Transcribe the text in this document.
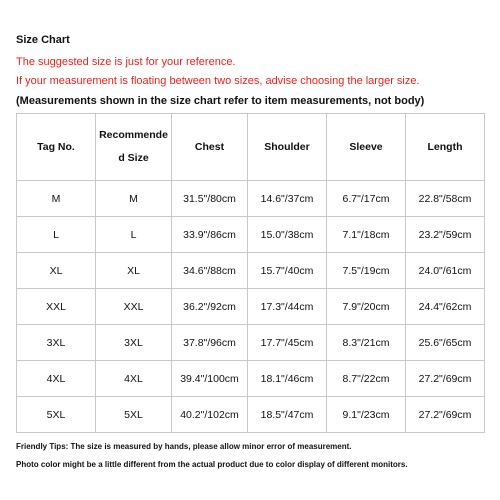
Size Chart
The suggested size is just for your reference.
If your measurement is floating between two sizes, advise choosing the larger size.
(Measurements shown in the size chart refer to item measurements, not body)
Tag No.	Recommended Size	Chest	Shoulder	Sleeve	Length
M	M	31.5"/80cm	14.6"/37cm	6.7"/17cm	22.8"/58cm
L	L	33.9"/86cm	15.0"/38cm	7.1"/18cm	23.2"/59cm
XL	XL	34.6"/88cm	15.7"/40cm	7.5"/19cm	24.0"/61cm
XXL	XXL	36.2"/92cm	17.3"/44cm	7.9"/20cm	24.4"/62cm
3XL	3XL	37.8"/96cm	17.7"/45cm	8.3"/21cm	25.6"/65cm
4XL	4XL	39.4"/100cm	18.1"/46cm	8.7"/22cm	27.2"/69cm
5XL	5XL	40.2"/102cm	18.5"/47cm	9.1"/23cm	27.2"/69cm
Friendly Tips: The size is measured by hands, please allow minor error of measurement.
Photo color might be a little different from the actual product due to color display of different monitors.
